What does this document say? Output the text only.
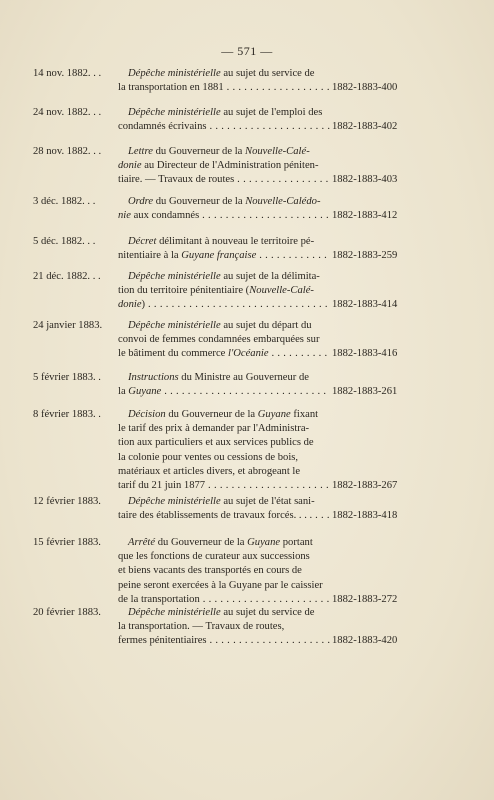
— 571 —
14 nov. 1882. . .	Dépêche ministérielle au sujet du service de
la transportation en 1881 . . .	1882-1883-400
24 nov. 1882. . .	Dépêche ministérielle au sujet de l'emploi des
condamnés écrivains . . .	1882-1883-402
28 nov. 1882. . .	Lettre du Gouverneur de la Nouvelle-Calé-
donie au Directeur de l'Administration péniten-
tiaire. — Travaux de routes . . .	1882-1883-403
3 déc. 1882. . .	Ordre du Gouverneur de la Nouvelle-Calédo-
nie aux condamnés . . .	1882-1883-412
5 déc. 1882. . .	Décret délimitant à nouveau le territoire pé-
nitentiaire à la Guyane française . . .	1882-1883-259
21 déc. 1882. . .	Dépêche ministérielle au sujet de la délimita-
tion du territoire pénitentiaire (Nouvelle-Calé-
donie) . . .	1882-1883-414
24 janvier 1883.	Dépêche ministérielle au sujet du départ du
convoi de femmes condamnées embarquées sur
le bâtiment du commerce l'Océanie . . .	1882-1883-416
5 février 1883. .	Instructions du Ministre au Gouverneur de
la Guyane . . .	1882-1883-261
8 février 1883. .	Décision du Gouverneur de la Guyane fixant
le tarif des prix à demander par l'Administra-
tion aux particuliers et aux services publics de
la colonie pour ventes ou cessions de bois,
matériaux et articles divers, et abrogeant le
tarif du 21 juin 1877 . . .	1882-1883-267
12 février 1883.	Dépêche ministérielle au sujet de l'état sani-
taire des établissements de travaux forcés. . . . . . .	1882-1883-418
15 février 1883.	Arrêté du Gouverneur de la Guyane portant
que les fonctions de curateur aux successions
et biens vacants des transportés en cours de
peine seront exercées à la Guyane par le caissier
de la transportation . . .	1882-1883-272
20 février 1883.	Dépêche ministérielle au sujet du service de
la transportation. — Travaux de routes,
fermes pénitentiaires . . .	1882-1883-420
